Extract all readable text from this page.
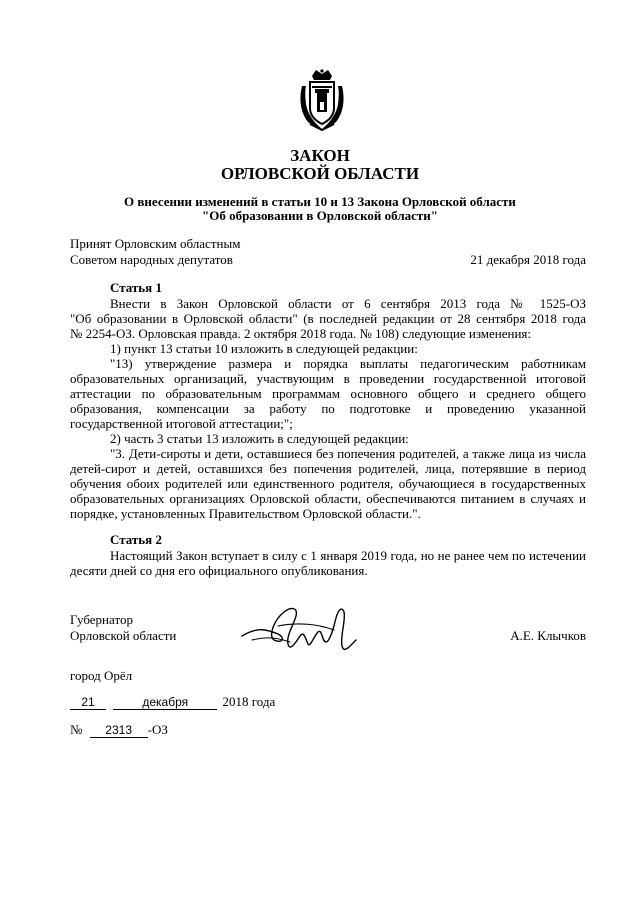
ЗАКОН
ОРЛОВСКОЙ ОБЛАСТИ
О внесении изменений в статьи 10 и 13 Закона Орловской области
"Об образовании в Орловской области"
Принят Орловским областным
Советом народных депутатов	21 декабря 2018 года
Статья 1
Внести в Закон Орловской области от 6 сентября 2013 года № 1525-ОЗ
"Об образовании в Орловской области" (в последней редакции от 28 сентября 2018 года
№ 2254-ОЗ. Орловская правда. 2 октября 2018 года. № 108) следующие изменения:
1) пункт 13 статьи 10 изложить в следующей редакции:
"13) утверждение размера и порядка выплаты педагогическим работникам
образовательных организаций, участвующим в проведении государственной итоговой
аттестации по образовательным программам основного общего и среднего общего
образования, компенсации за работу по подготовке и проведению указанной
государственной итоговой аттестации;";
2) часть 3 статьи 13 изложить в следующей редакции:
"3. Дети-сироты и дети, оставшиеся без попечения родителей, а также лица из числа
детей-сирот и детей, оставшихся без попечения родителей, лица, потерявшие в период
обучения обоих родителей или единственного родителя, обучающиеся в государственных
образовательных организациях Орловской области, обеспечиваются питанием в случаях и
порядке, установленных Правительством Орловской области.".
Статья 2
Настоящий Закон вступает в силу с 1 января 2019 года, но не ранее чем по истечении
десяти дней со дня его официального опубликования.
Губернатор
Орловской области	А.Е. Клычков
город Орёл
21	декабря	2018 года
№ 2313 -ОЗ
